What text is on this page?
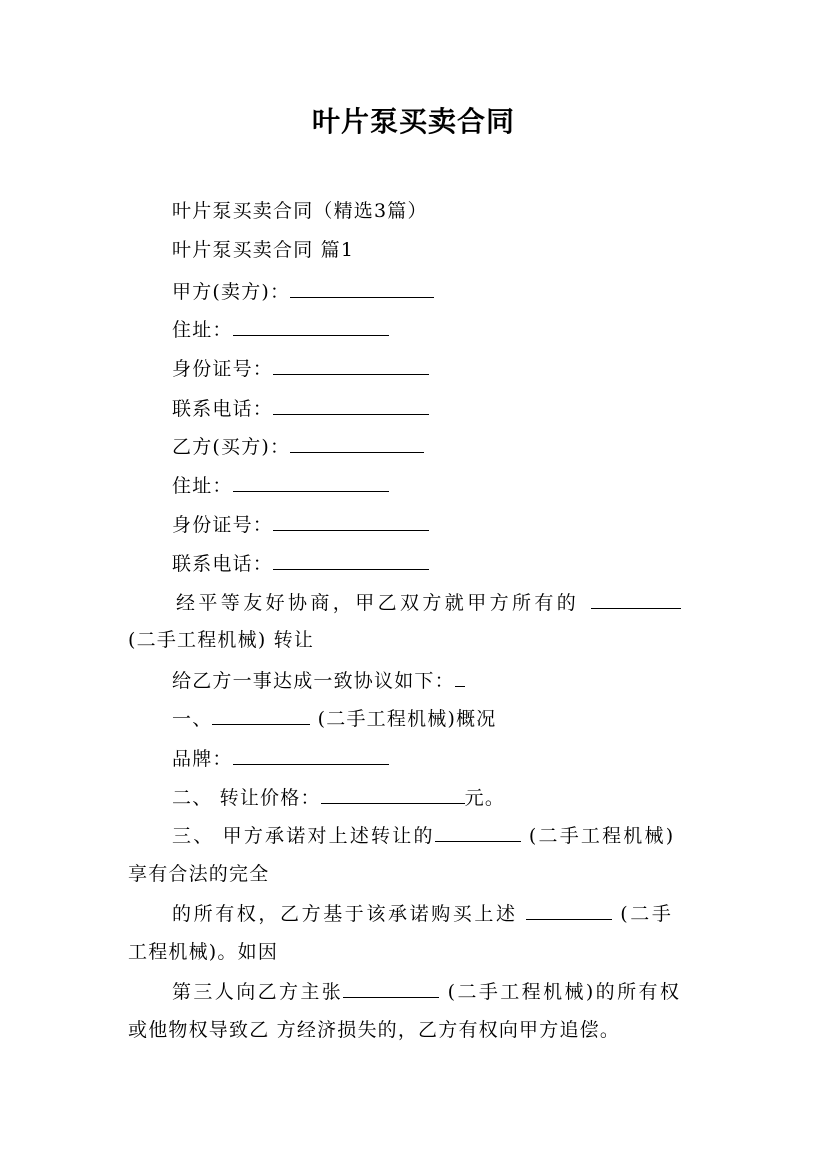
叶片泵买卖合同
叶片泵买卖合同（精选3篇）
叶片泵买卖合同 篇1
甲方(卖方)：
住址：
身份证号：
联系电话：
乙方(买方)：
住址：
身份证号：
联系电话：
经平等友好协商，甲乙双方就甲方所有的
(二手工程机械) 转让
给乙方一事达成一致协议如下：
一、	(二手工程机械)概况
品牌：
二、 转让价格：	元。
三、 甲方承诺对上述转让的	(二手工程机械)
享有合法的完全
的所有权，乙方基于该承诺购买上述	(二手
工程机械)。如因
第三人向乙方主张	(二手工程机械)的所有权
或他物权导致乙 方经济损失的，乙方有权向甲方追偿。
